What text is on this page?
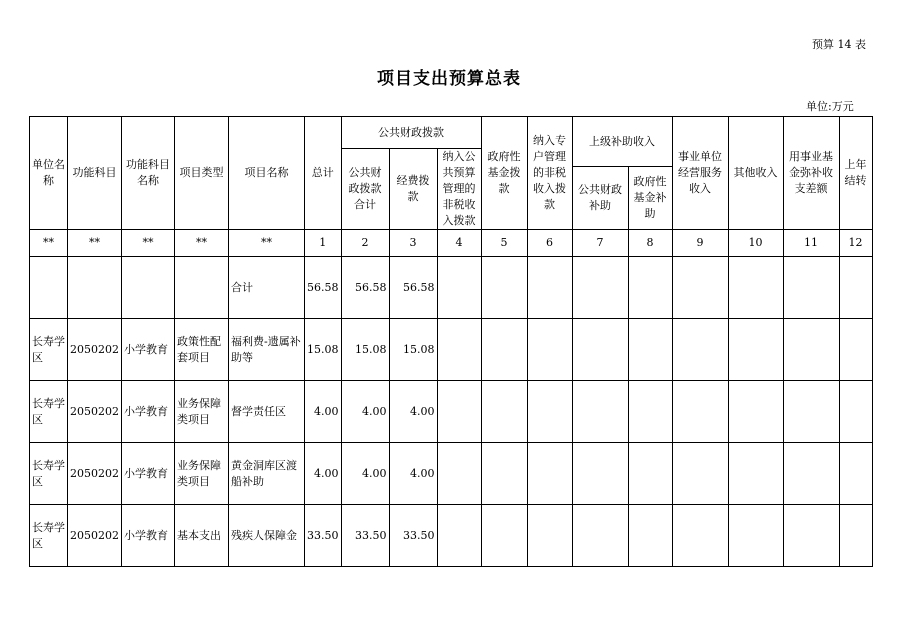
预算 14 表
项目支出预算总表
单位:万元
单位名称	功能科目	功能科目名称	项目类型	项目名称	总计	公共财政拨款			政府性基金拨款	纳入专户管理的非税收入拨款	上级补助收入		事业单位经营服务收入	其他收入	用事业基金弥补收支差额	上年结转
						公共财政拨款合计	经费拨款	纳入公共预算管理的非税收入拨款								
											公共财政补助	政府性基金补助				
**	**	**	**	**	1	2	3	4	5	6	7	8	9	10	11	12
				合计	56.58	56.58	56.58									
长寿学区	2050202	小学教育	政策性配套项目	福利费-遗属补助等	15.08	15.08	15.08									
长寿学区	2050202	小学教育	业务保障类项目	督学责任区	4.00	4.00	4.00									
长寿学区	2050202	小学教育	业务保障类项目	黄金洞库区渡船补助	4.00	4.00	4.00									
长寿学区	2050202	小学教育	基本支出	残疾人保障金	33.50	33.50	33.50									
